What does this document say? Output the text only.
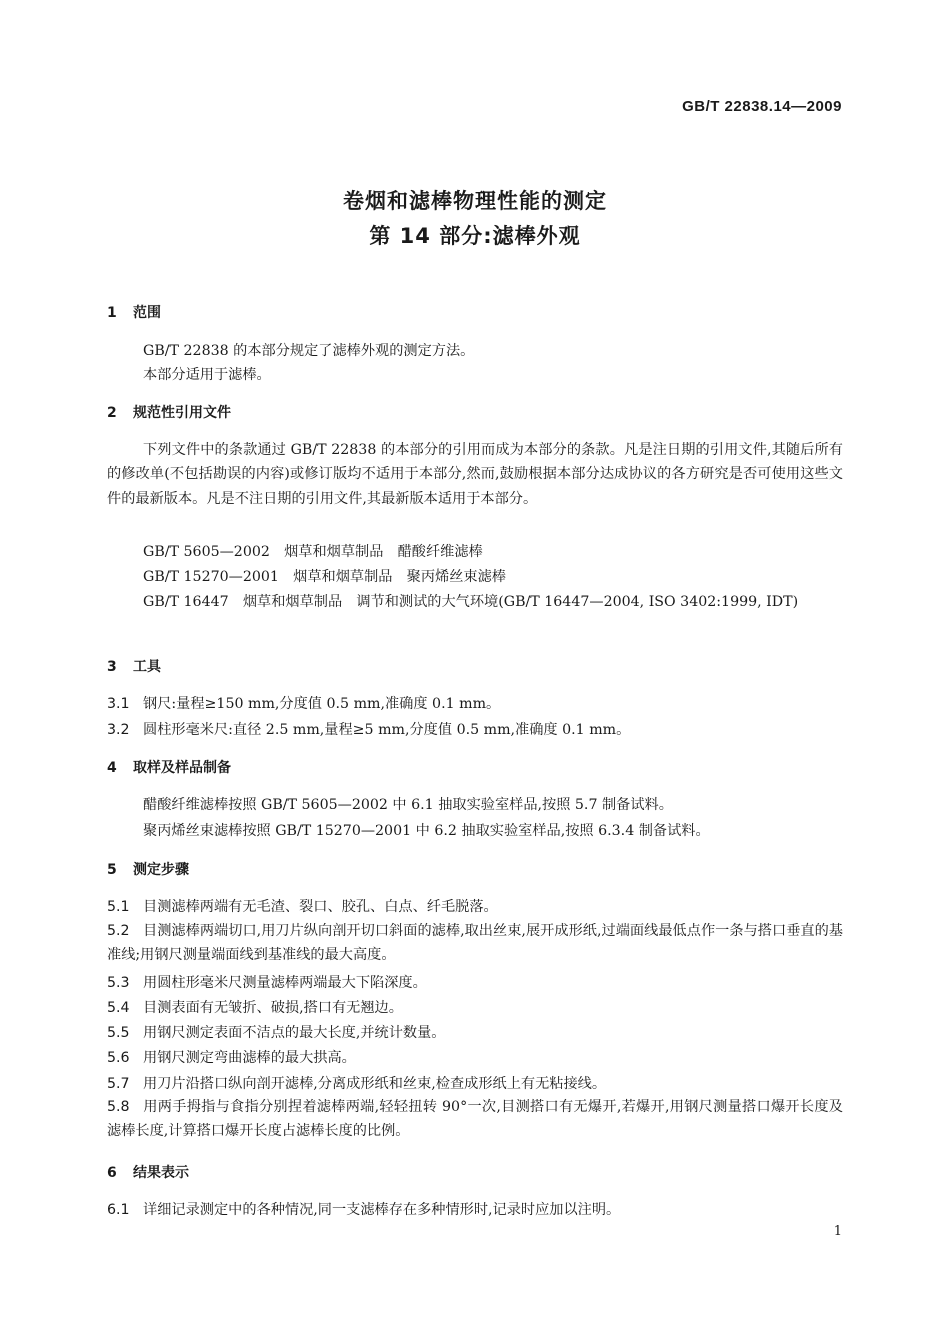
GB/T 22838.14—2009
卷烟和滤棒物理性能的测定
第 14 部分:滤棒外观
1 范围
GB/T 22838 的本部分规定了滤棒外观的测定方法。
本部分适用于滤棒。
2 规范性引用文件
下列文件中的条款通过 GB/T 22838 的本部分的引用而成为本部分的条款。凡是注日期的引用文件,其随后所有的修改单(不包括勘误的内容)或修订版均不适用于本部分,然而,鼓励根据本部分达成协议的各方研究是否可使用这些文件的最新版本。凡是不注日期的引用文件,其最新版本适用于本部分。
GB/T 5605—2002　烟草和烟草制品　醋酸纤维滤棒
GB/T 15270—2001　烟草和烟草制品　聚丙烯丝束滤棒
GB/T 16447　烟草和烟草制品　调节和测试的大气环境(GB/T 16447—2004, ISO 3402:1999, IDT)
3 工具
3.1 钢尺:量程≥150 mm,分度值 0.5 mm,准确度 0.1 mm。
3.2 圆柱形毫米尺:直径 2.5 mm,量程≥5 mm,分度值 0.5 mm,准确度 0.1 mm。
4 取样及样品制备
醋酸纤维滤棒按照 GB/T 5605—2002 中 6.1 抽取实验室样品,按照 5.7 制备试料。
聚丙烯丝束滤棒按照 GB/T 15270—2001 中 6.2 抽取实验室样品,按照 6.3.4 制备试料。
5 测定步骤
5.1 目测滤棒两端有无毛渣、裂口、胶孔、白点、纤毛脱落。
5.2 目测滤棒两端切口,用刀片纵向剖开切口斜面的滤棒,取出丝束,展开成形纸,过端面线最低点作一条与搭口垂直的基准线;用钢尺测量端面线到基准线的最大高度。
5.3 用圆柱形毫米尺测量滤棒两端最大下陷深度。
5.4 目测表面有无皱折、破损,搭口有无翘边。
5.5 用钢尺测定表面不洁点的最大长度,并统计数量。
5.6 用钢尺测定弯曲滤棒的最大拱高。
5.7 用刀片沿搭口纵向剖开滤棒,分离成形纸和丝束,检查成形纸上有无粘接线。
5.8 用两手拇指与食指分别捏着滤棒两端,轻轻扭转 90°一次,目测搭口有无爆开,若爆开,用钢尺测量搭口爆开长度及滤棒长度,计算搭口爆开长度占滤棒长度的比例。
6 结果表示
6.1 详细记录测定中的各种情况,同一支滤棒存在多种情形时,记录时应加以注明。
1
